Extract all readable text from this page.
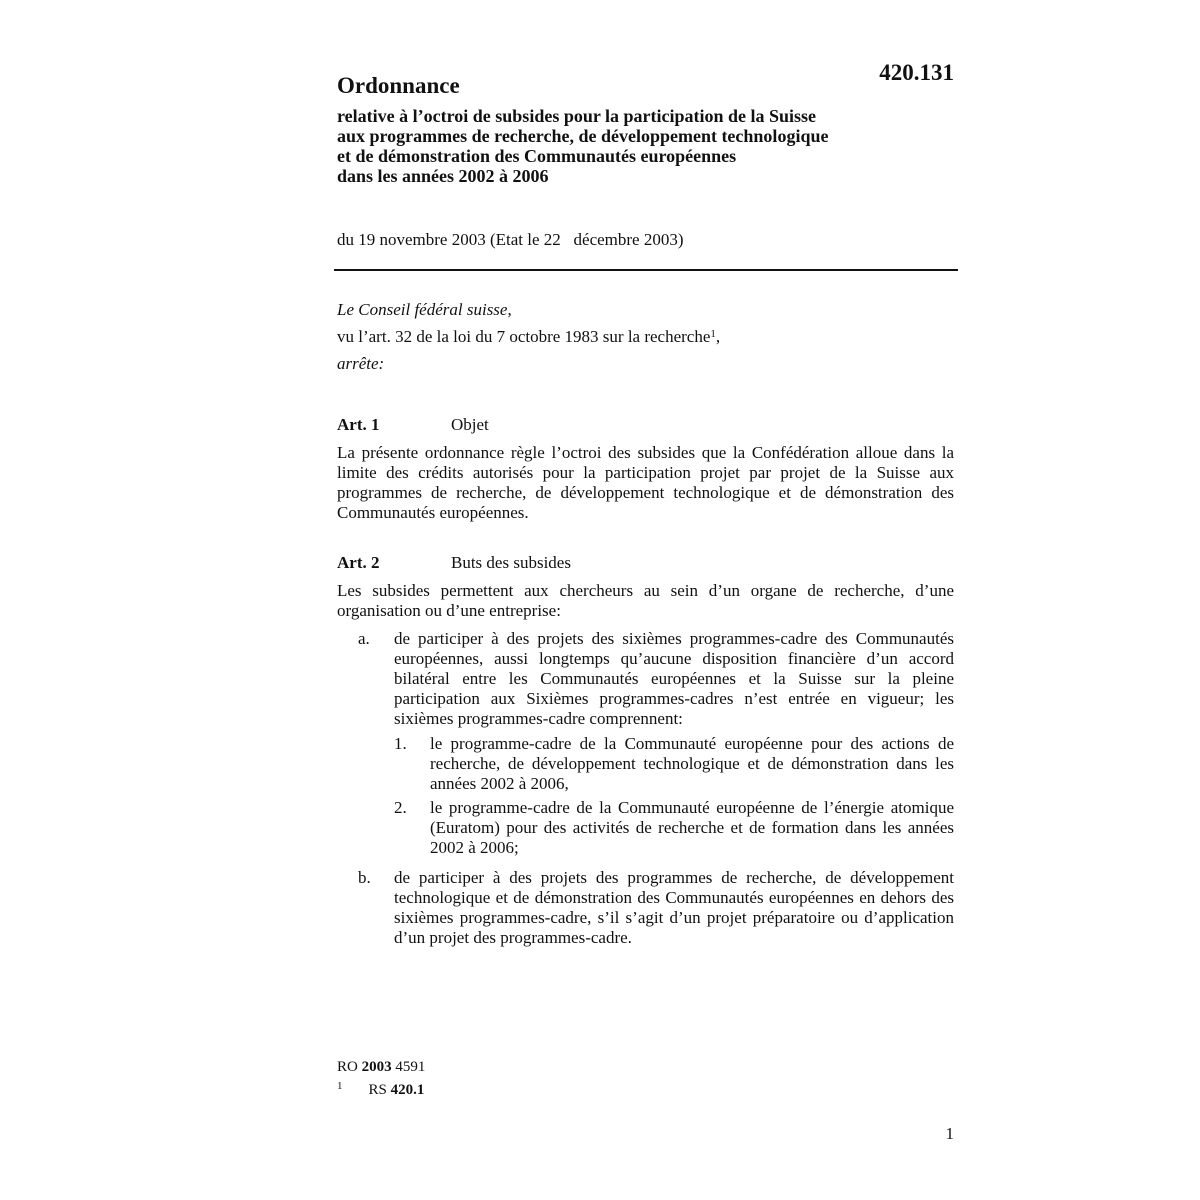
420.131
Ordonnance
relative à l’octroi de subsides pour la participation de la Suisse
aux programmes de recherche, de développement technologique
et de démonstration des Communautés européennes
dans les années 2002 à 2006
du 19 novembre 2003 (Etat le 22   décembre 2003)
Le Conseil fédéral suisse,
vu l’art. 32 de la loi du 7 octobre 1983 sur la recherche$^1$,
arrête:
Art. 1	Objet
La présente ordonnance règle l’octroi des subsides que la Confédération alloue dans la limite des crédits autorisés pour la participation projet par projet de la Suisse aux programmes de recherche, de développement technologique et de démonstration des Communautés européennes.
Art. 2	Buts des subsides
Les subsides permettent aux chercheurs au sein d’un organe de recherche, d’une organisation ou d’une entreprise:
a. de participer à des projets des sixièmes programmes-cadre des Communautés européennes, aussi longtemps qu’aucune disposition financière d’un accord bilatéral entre les Communautés européennes et la Suisse sur la pleine participation aux Sixièmes programmes-cadres n’est entrée en vigueur; les sixièmes programmes-cadre comprennent:
1. le programme-cadre de la Communauté européenne pour des actions de recherche, de développement technologique et de démonstration dans les années 2002 à 2006,
2. le programme-cadre de la Communauté européenne de l’énergie atomique (Euratom) pour des activités de recherche et de formation dans les années 2002 à 2006;
b. de participer à des projets des programmes de recherche, de développement technologique et de démonstration des Communautés européennes en dehors des sixièmes programmes-cadre, s’il s’agit d’un projet préparatoire ou d’application d’un projet des programmes-cadre.
RO 2003 4591
$^1$ RS 420.1
1
